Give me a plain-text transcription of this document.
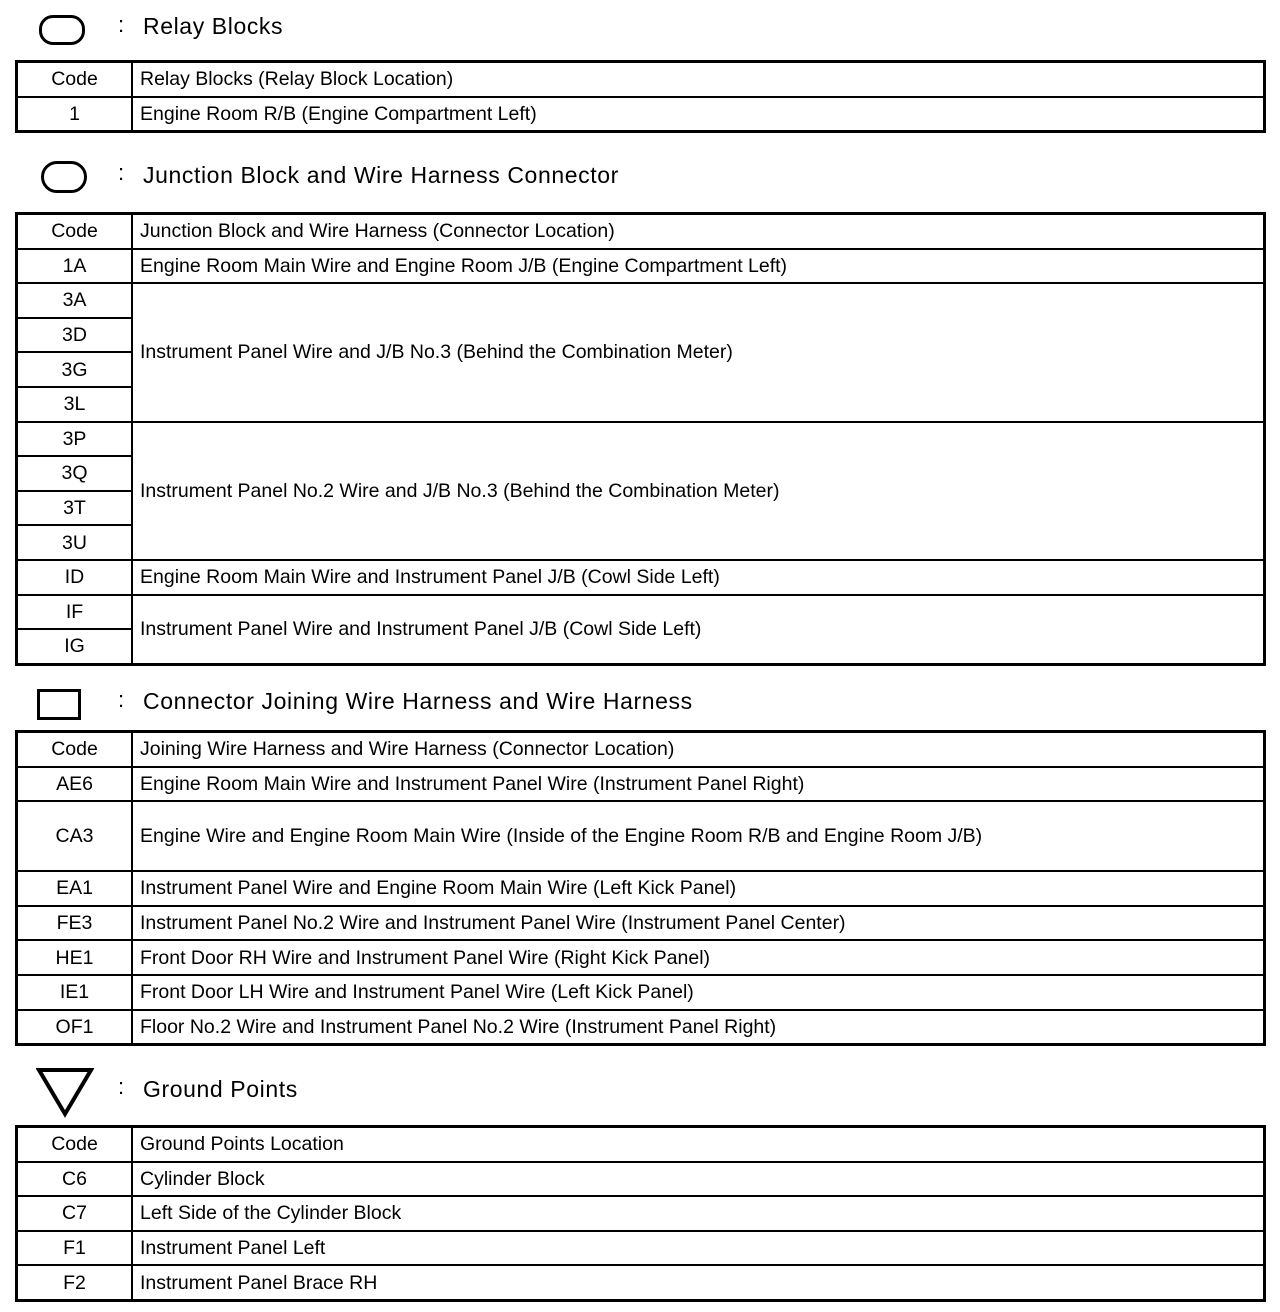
: Relay Blocks
Code	Relay Blocks (Relay Block Location)
1	Engine Room R/B (Engine Compartment Left)
: Junction Block and Wire Harness Connector
Code	Junction Block and Wire Harness (Connector Location)
1A	Engine Room Main Wire and Engine Room J/B (Engine Compartment Left)
3A	Instrument Panel Wire and J/B No.3 (Behind the Combination Meter)
3D	
3G	
3L	
3P	Instrument Panel No.2 Wire and J/B No.3 (Behind the Combination Meter)
3Q	
3T	
3U	
ID	Engine Room Main Wire and Instrument Panel J/B (Cowl Side Left)
IF	Instrument Panel Wire and Instrument Panel J/B (Cowl Side Left)
IG	
: Connector Joining Wire Harness and Wire Harness
Code	Joining Wire Harness and Wire Harness (Connector Location)
AE6	Engine Room Main Wire and Instrument Panel Wire (Instrument Panel Right)
CA3	Engine Wire and Engine Room Main Wire (Inside of the Engine Room R/B and Engine Room J/B)
EA1	Instrument Panel Wire and Engine Room Main Wire (Left Kick Panel)
FE3	Instrument Panel No.2 Wire and Instrument Panel Wire (Instrument Panel Center)
HE1	Front Door RH Wire and Instrument Panel Wire (Right Kick Panel)
IE1	Front Door LH Wire and Instrument Panel Wire (Left Kick Panel)
OF1	Floor No.2 Wire and Instrument Panel No.2 Wire (Instrument Panel Right)
: Ground Points
Code	Ground Points Location
C6	Cylinder Block
C7	Left Side of the Cylinder Block
F1	Instrument Panel Left
F2	Instrument Panel Brace RH
